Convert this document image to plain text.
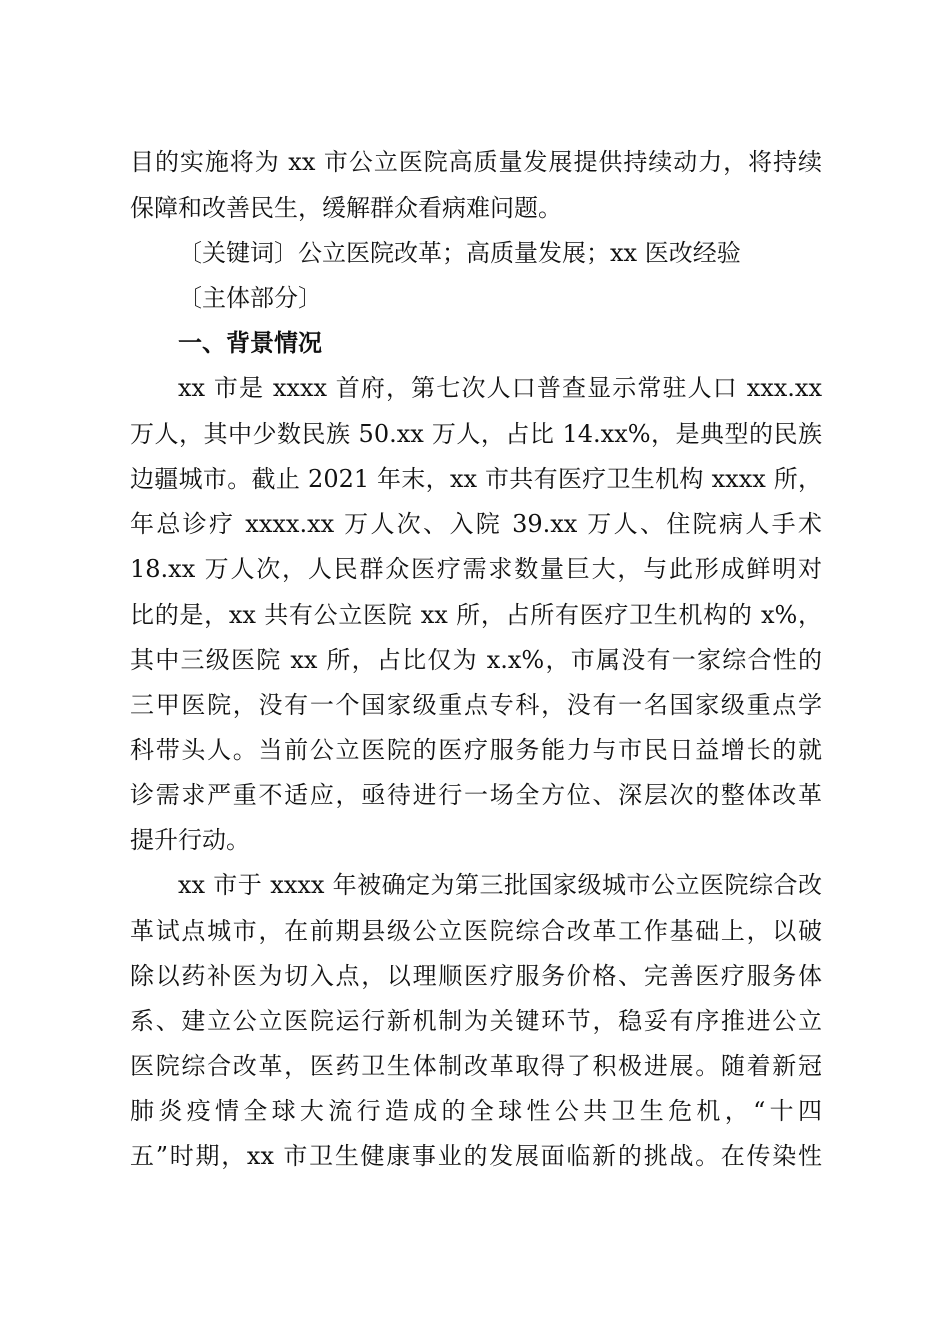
目的实施将为 xx 市公立医院高质量发展提供持续动力，将持续
保障和改善民生，缓解群众看病难问题。
〔关键词〕公立医院改革；高质量发展；xx 医改经验
〔主体部分〕
一、背景情况
xx 市是 xxxx 首府，第七次人口普查显示常驻人口 xxx.xx
万人，其中少数民族 50.xx 万人，占比 14.xx%，是典型的民族
边疆城市。截止 2021 年末，xx 市共有医疗卫生机构 xxxx 所，
年总诊疗 xxxx.xx 万人次、入院 39.xx 万人、住院病人手术
18.xx 万人次，人民群众医疗需求数量巨大，与此形成鲜明对
比的是，xx 共有公立医院 xx 所，占所有医疗卫生机构的 x%，
其中三级医院 xx 所，占比仅为 x.x%，市属没有一家综合性的
三甲医院，没有一个国家级重点专科，没有一名国家级重点学
科带头人。当前公立医院的医疗服务能力与市民日益增长的就
诊需求严重不适应，亟待进行一场全方位、深层次的整体改革
提升行动。
xx 市于 xxxx 年被确定为第三批国家级城市公立医院综合改
革试点城市，在前期县级公立医院综合改革工作基础上，以破
除以药补医为切入点，以理顺医疗服务价格、完善医疗服务体
系、建立公立医院运行新机制为关键环节，稳妥有序推进公立
医院综合改革，医药卫生体制改革取得了积极进展。随着新冠
肺炎疫情全球大流行造成的全球性公共卫生危机，“十四
五”时期，xx 市卫生健康事业的发展面临新的挑战。在传染性
